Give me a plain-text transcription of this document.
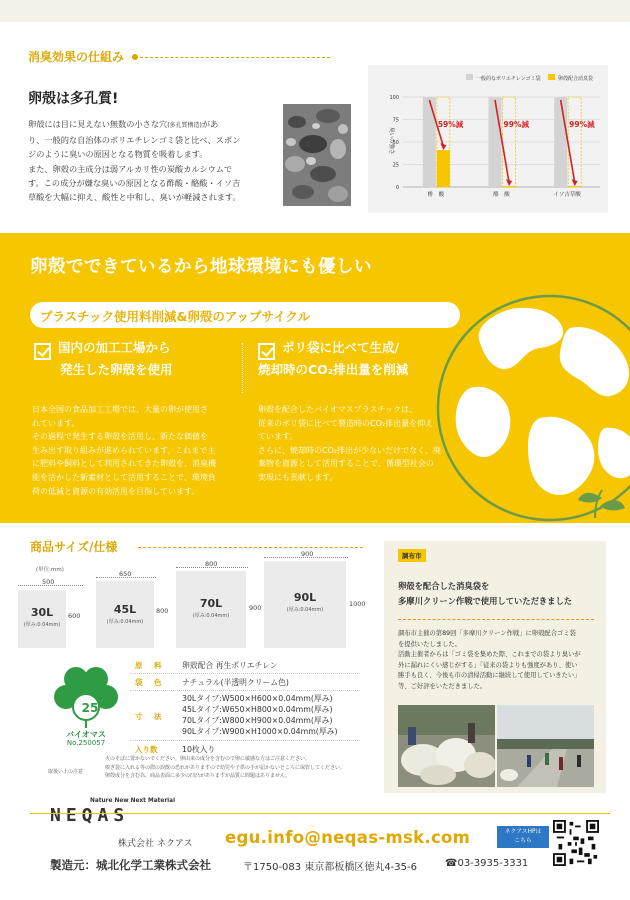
消臭効果の仕組み
卵殻は多孔質!

卵殻には目に見えない無数の小さな穴(多孔質構造)があ

り、一般的な自治体のポリエチレンゴミ袋と比べ、スポン

ジのように臭いの原因となる物質を吸着します。

また、卵殻の主成分は弱アルカリ性の炭酸カルシウムで

す。この成分が嫌な臭いの原因となる酢酸・酪酸・イソ吉

草酸を大幅に抑え、酸性と中和し、臭いが軽減されます。

一般的なポリエチレンゴミ袋	卵殻配合消臭袋
100
75
50
25
0
臭いの強さ
59%減
酢　酸
99%減
酪　酸
99%減
イソ吉草酸
卵殻でできているから地球環境にも優しい
プラスチック使用料削減&卵殻のアップサイクル
国内の加工工場から
発生した卵殻を使用
ポリ袋に比べて生成/
焼却時のCO₂排出量を削減
日本全国の食品加工工場では、大量の卵が使用さ
れています。
その過程で発生する卵殻を活用し、新たな価値を
生み出す取り組みが進められています。これまで主
に肥料や飼料として利用されてきた卵殻を、消臭機
能を活かした新素材として活用することで、環境負
荷の低減と資源の有効活用を目指しています。
卵殻を配合したバイオマスプラスチックは、
従来のポリ袋に比べて製造時のCO₂排出量を抑え
ています。
さらに、焼却時のCO₂排出が少ないだけでなく、廃
棄物を資源として活用することで、循環型社会の
実現にも貢献します。
商品サイズ/仕様
(単位:mm)
500
30L
(厚み:0.04mm)
600
650
45L
(厚み:0.04mm)
800
800
70L
(厚み:0.04mm)
900
900
90L
(厚み:0.04mm)
1000
25
バイオマス
No.250057
原　料 卵殻配合 再生ポリエチレン
袋　色 ナチュラル(半透明クリーム色)
寸　法
30Lタイプ:W500×H600×0.04mm(厚み)
45Lタイプ:W650×H800×0.04mm(厚み)
70Lタイプ:W800×H900×0.04mm(厚み)
90Lタイプ:W900×H1000×0.04mm(厚み)
入り数	10枚入り
取扱い上の注意
火のそばに置かないでください。卵由来の成分を含むので卵に敏感な方はご注意ください。
嗅ぎ袋に入れる等の際の誤飲の恐れがありますので幼児や子供の手が届かないところに保管してください。
卵殻成分を含む為、商品表面に多少の凹凸がありますが品質に問題はありません。
調布市
卵殻を配合した消臭袋を
多摩川クリーン作戦で使用していただきました
調布市主催の第89回「多摩川クリーン作戦」に卵殻配合ゴミ袋
を提供いたしました。
活動主催者からは「ゴミ袋を集めた際、これまでの袋より臭いが
外に漏れにくい感じがする」「従来の袋よりも強度があり、使い
勝手も良く、今後も市の清掃活動に継続して使用していきたい」
等、ご好評をいただきました。
Nature New Next Material
NEQAS
株式会社 ネクアス egu.info@neqas-msk.com	ネクアスHPは
こちら
製造元：城北化学工業株式会社	〒1750-083 東京都板橋区徳丸4-35-6	☎03-3935-3331
